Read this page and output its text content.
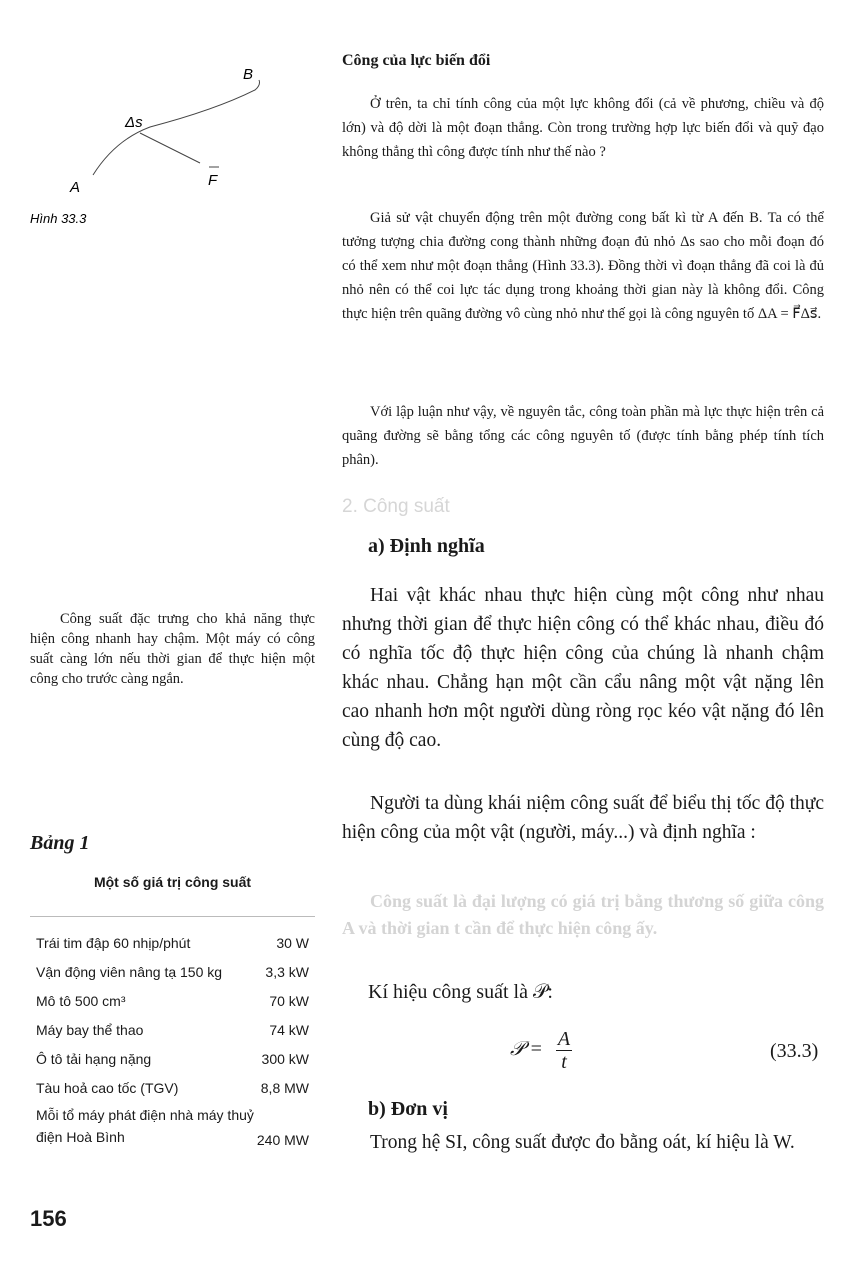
B
Δs
A	F
Hình 33.3
Công của lực biến đổi

Ở trên, ta chỉ tính công của một lực không đổi (cả về phương, chiều và độ lớn) và độ dời là một đoạn thẳng. Còn trong trường hợp lực biến đổi và quỹ đạo không thẳng thì công được tính như thế nào ?

Giả sử vật chuyển động trên một đường cong bất kì từ A đến B. Ta có thể tưởng tượng chia đường cong thành những đoạn đủ nhỏ Δs sao cho mỗi đoạn đó có thể xem như một đoạn thẳng (Hình 33.3). Đồng thời vì đoạn thẳng đã coi là đủ nhỏ nên có thể coi lực tác dụng trong khoảng thời gian này là không đổi. Công thực hiện trên quãng đường vô cùng nhỏ như thế gọi là công nguyên tố ΔA = F⃗Δs⃗.

Với lập luận như vậy, về nguyên tắc, công toàn phần mà lực thực hiện trên cả quãng đường sẽ bằng tổng các công nguyên tố (được tính bằng phép tính tích phân).

2. Công suất
a) Định nghĩa

Hai vật khác nhau thực hiện cùng một công như nhau nhưng thời gian để thực hiện công có thể khác nhau, điều đó có nghĩa tốc độ thực hiện công của chúng là nhanh chậm khác nhau. Chẳng hạn một cần cẩu nâng một vật nặng lên cao nhanh hơn một người dùng ròng rọc kéo vật nặng đó lên cùng độ cao.

Người ta dùng khái niệm công suất để biểu thị tốc độ thực hiện công của một vật (người, máy...) và định nghĩa :

Công suất là đại lượng có giá trị bằng thương số giữa công A và thời gian t cần để thực hiện công ấy.

Kí hiệu công suất là 𝒫:
𝒫 = $\frac{A}{t}$	(33.3)
b) Đơn vị

Trong hệ SI, công suất được đo bằng oát, kí hiệu là W.

Công suất đặc trưng cho khả năng thực hiện công nhanh hay chậm. Một máy có công suất càng lớn nếu thời gian để thực hiện một công cho trước càng ngắn.

Bảng 1
Một số giá trị công suất
Trái tim đập 60 nhịp/phút	30 W
Vận động viên nâng tạ 150 kg	3,3 kW
Mô tô 500 cm³	70 kW
Máy bay thể thao	74 kW
Ô tô tải hạng nặng	300 kW
Tàu hoả cao tốc (TGV)	8,8 MW
Mỗi tổ máy phát điện nhà máy thuỷ điện Hoà Bình	240 MW
156
